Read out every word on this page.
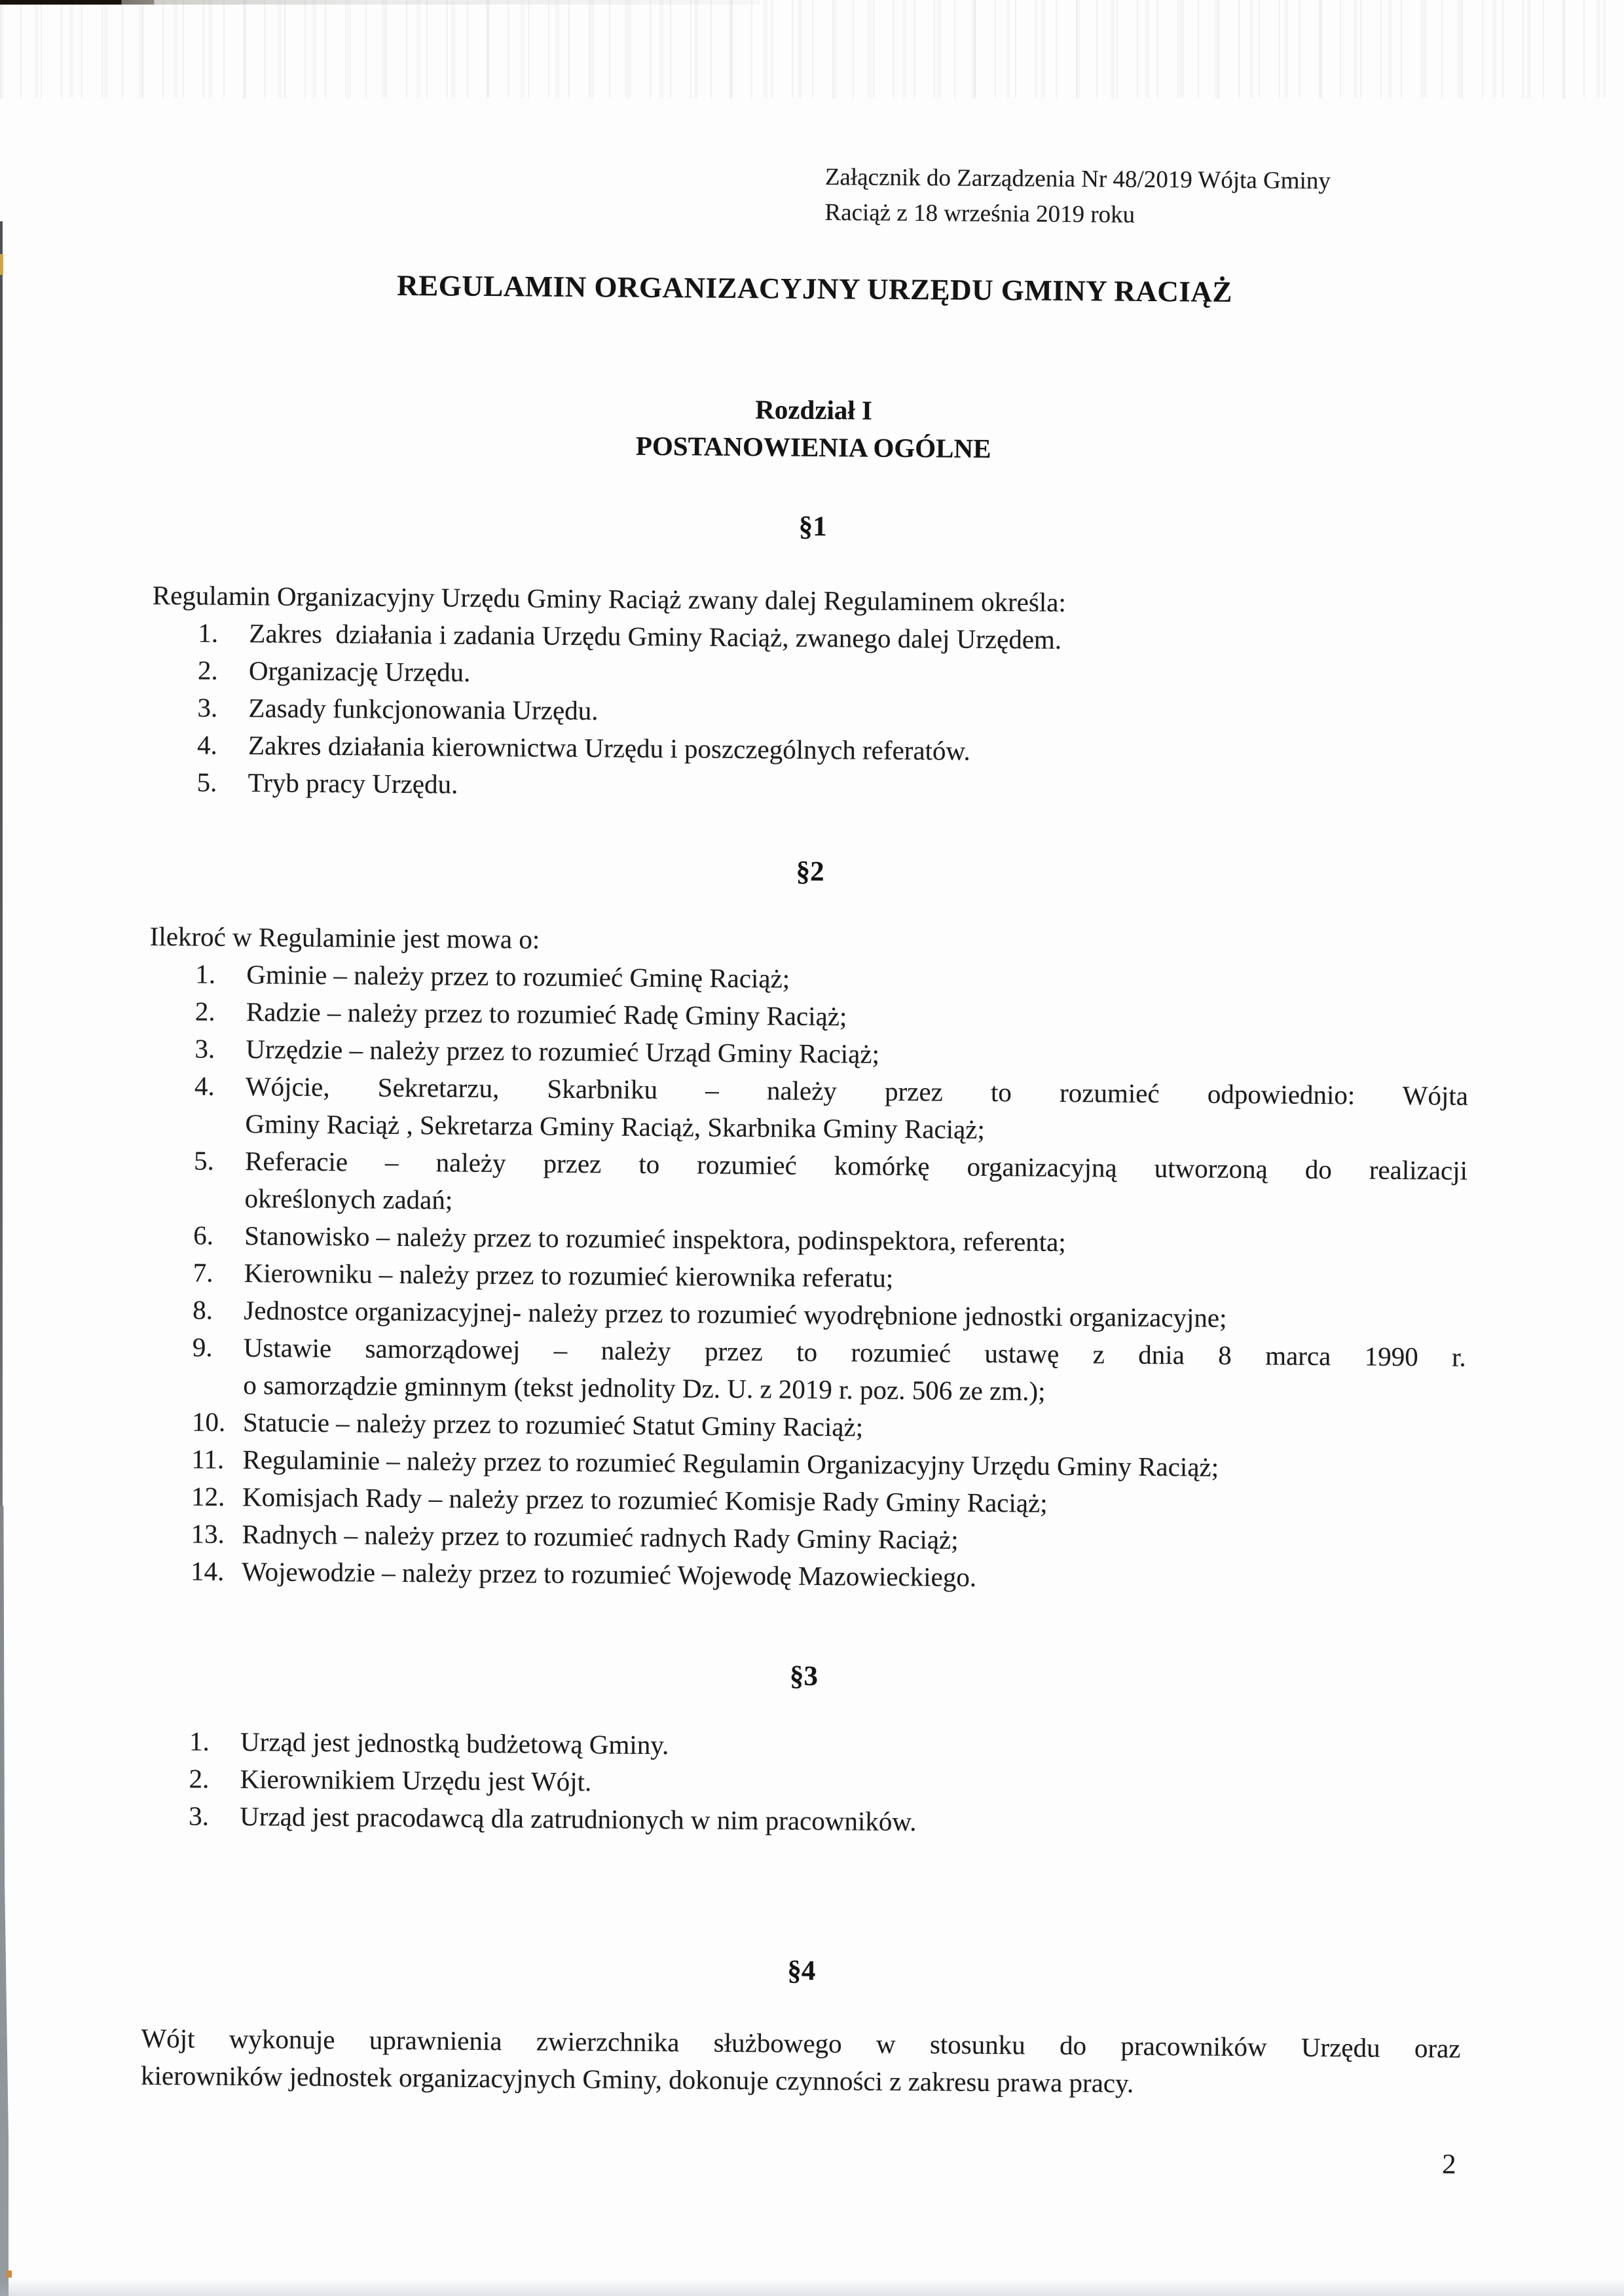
Załącznik do Zarządzenia Nr 48/2019 Wójta Gminy
Raciąż z 18 września 2019 roku
REGULAMIN ORGANIZACYJNY URZĘDU GMINY RACIĄŻ
Rozdział I
POSTANOWIENIA OGÓLNE
§1

Regulamin Organizacyjny Urzędu Gminy Raciąż zwany dalej Regulaminem określa:

1.	Zakres  działania i zadania Urzędu Gminy Raciąż, zwanego dalej Urzędem.
2.	Organizację Urzędu.
3.	Zasady funkcjonowania Urzędu.
4.	Zakres działania kierownictwa Urzędu i poszczególnych referatów.
5.	Tryb pracy Urzędu.
§2

Ilekroć w Regulaminie jest mowa o:

1.	Gminie – należy przez to rozumieć Gminę Raciąż;
2.	Radzie – należy przez to rozumieć Radę Gminy Raciąż;
3.	Urzędzie – należy przez to rozumieć Urząd Gminy Raciąż;
4.	Wójcie, Sekretarzu, Skarbniku – należy przez to rozumieć odpowiednio: Wójta
Gminy Raciąż , Sekretarza Gminy Raciąż, Skarbnika Gminy Raciąż;
5.	Referacie – należy przez to rozumieć komórkę organizacyjną utworzoną do realizacji
określonych zadań;
6.	Stanowisko – należy przez to rozumieć inspektora, podinspektora, referenta;
7.	Kierowniku – należy przez to rozumieć kierownika referatu;
8.	Jednostce organizacyjnej- należy przez to rozumieć wyodrębnione jednostki organizacyjne;
9.	Ustawie samorządowej – należy przez to rozumieć ustawę z dnia 8 marca 1990 r.
o samorządzie gminnym (tekst jednolity Dz. U. z 2019 r. poz. 506 ze zm.);
10. Statucie – należy przez to rozumieć Statut Gminy Raciąż;
11. Regulaminie – należy przez to rozumieć Regulamin Organizacyjny Urzędu Gminy Raciąż;
12. Komisjach Rady – należy przez to rozumieć Komisje Rady Gminy Raciąż;
13. Radnych – należy przez to rozumieć radnych Rady Gminy Raciąż;
14. Wojewodzie – należy przez to rozumieć Wojewodę Mazowieckiego.
§3
1.	Urząd jest jednostką budżetową Gminy.
2.	Kierownikiem Urzędu jest Wójt.
3.	Urząd jest pracodawcą dla zatrudnionych w nim pracowników.
§4

Wójt wykonuje uprawnienia zwierzchnika służbowego w stosunku do pracowników Urzędu oraz
kierowników jednostek organizacyjnych Gminy, dokonuje czynności z zakresu prawa pracy.

2
